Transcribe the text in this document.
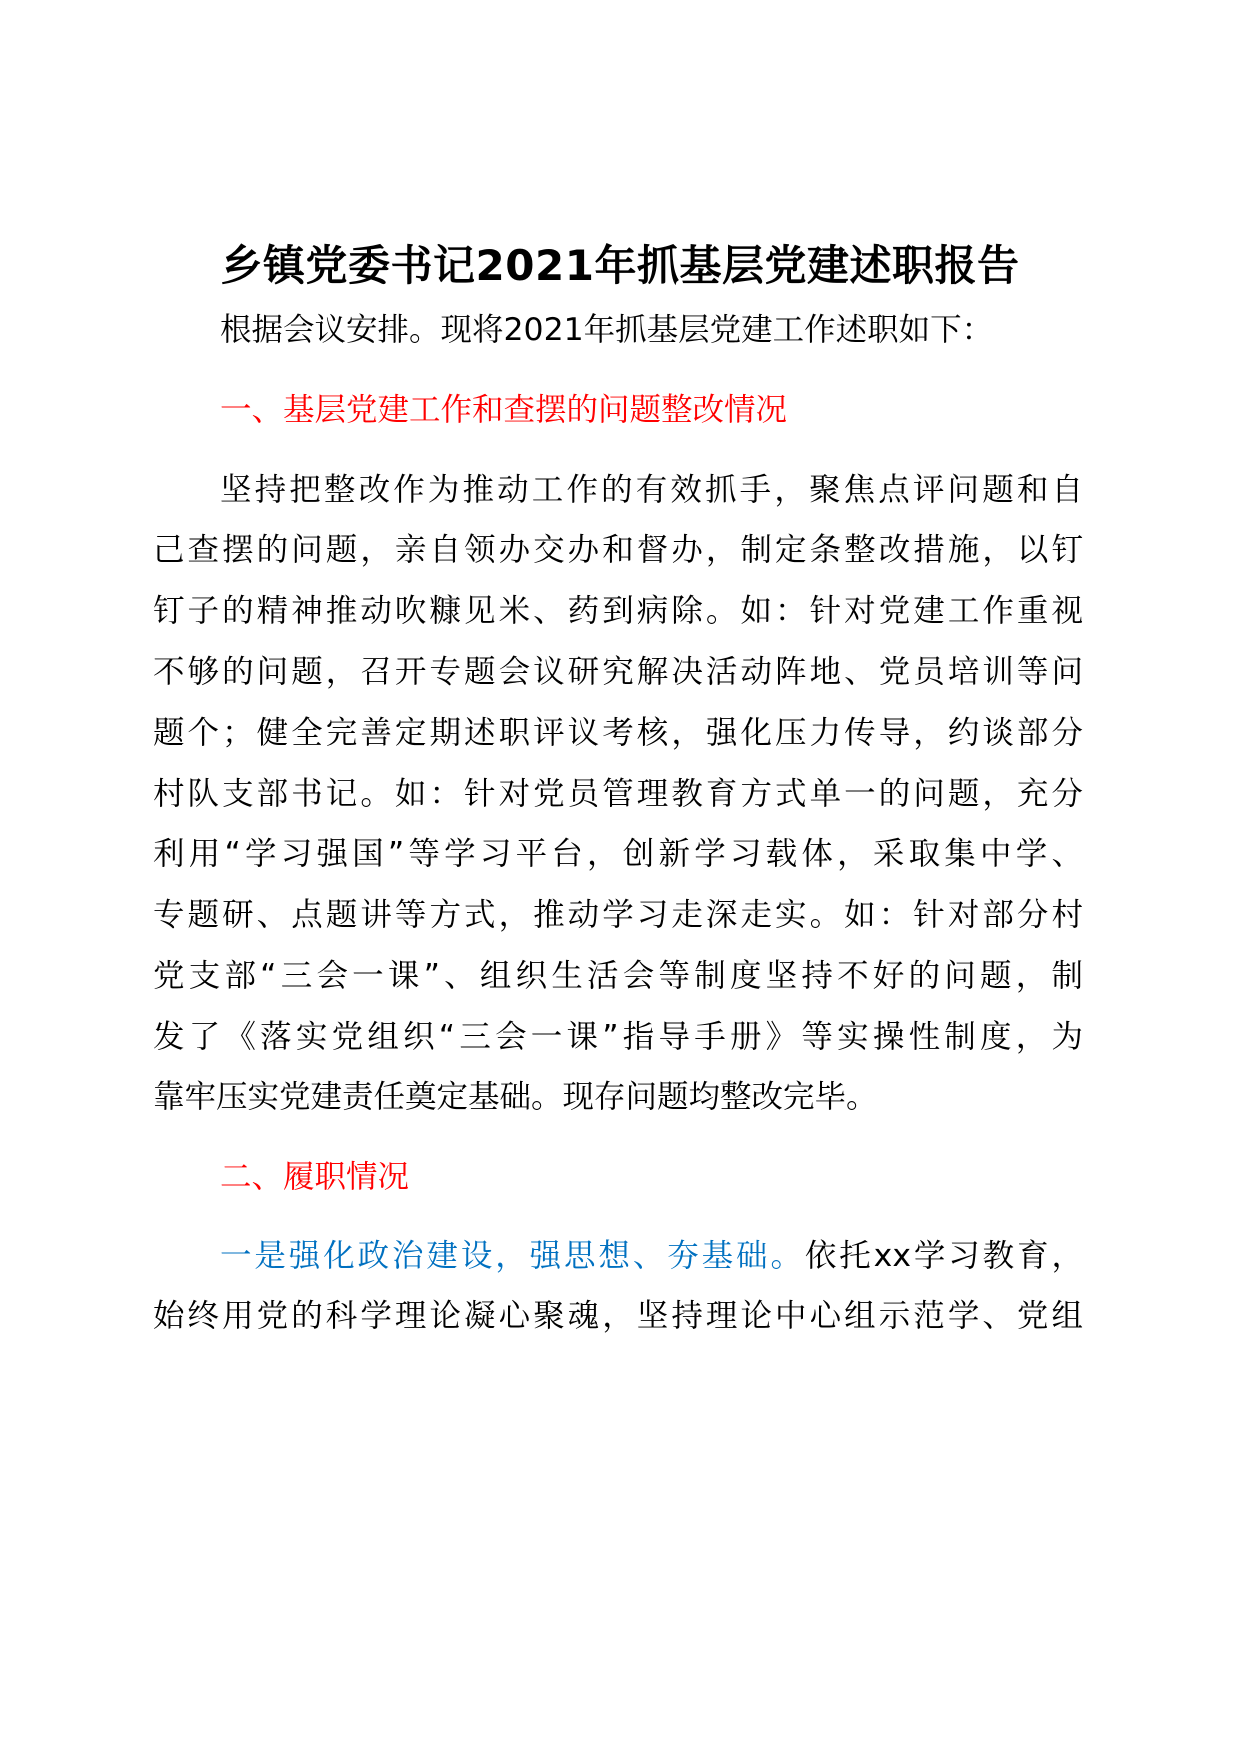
乡镇党委书记2021年抓基层党建述职报告

根据会议安排。现将2021年抓基层党建工作述职如下：

一、基层党建工作和查摆的问题整改情况

坚持把整改作为推动工作的有效抓手，聚焦点评问题和自

己查摆的问题，亲自领办交办和督办，制定条整改措施，以钉

钉子的精神推动吹糠见米、药到病除。如：针对党建工作重视

不够的问题，召开专题会议研究解决活动阵地、党员培训等问

题个；健全完善定期述职评议考核，强化压力传导，约谈部分

村队支部书记。如：针对党员管理教育方式单一的问题，充分

利用“学习强国”等学习平台，创新学习载体，采取集中学、

专题研、点题讲等方式，推动学习走深走实。如：针对部分村

党支部“三会一课”、组织生活会等制度坚持不好的问题，制

发了《落实党组织“三会一课”指导手册》等实操性制度，为

靠牢压实党建责任奠定基础。现存问题均整改完毕。

二、履职情况

一是强化政治建设，强思想、夯基础。依托xx学习教育，

始终用党的科学理论凝心聚魂，坚持理论中心组示范学、党组
